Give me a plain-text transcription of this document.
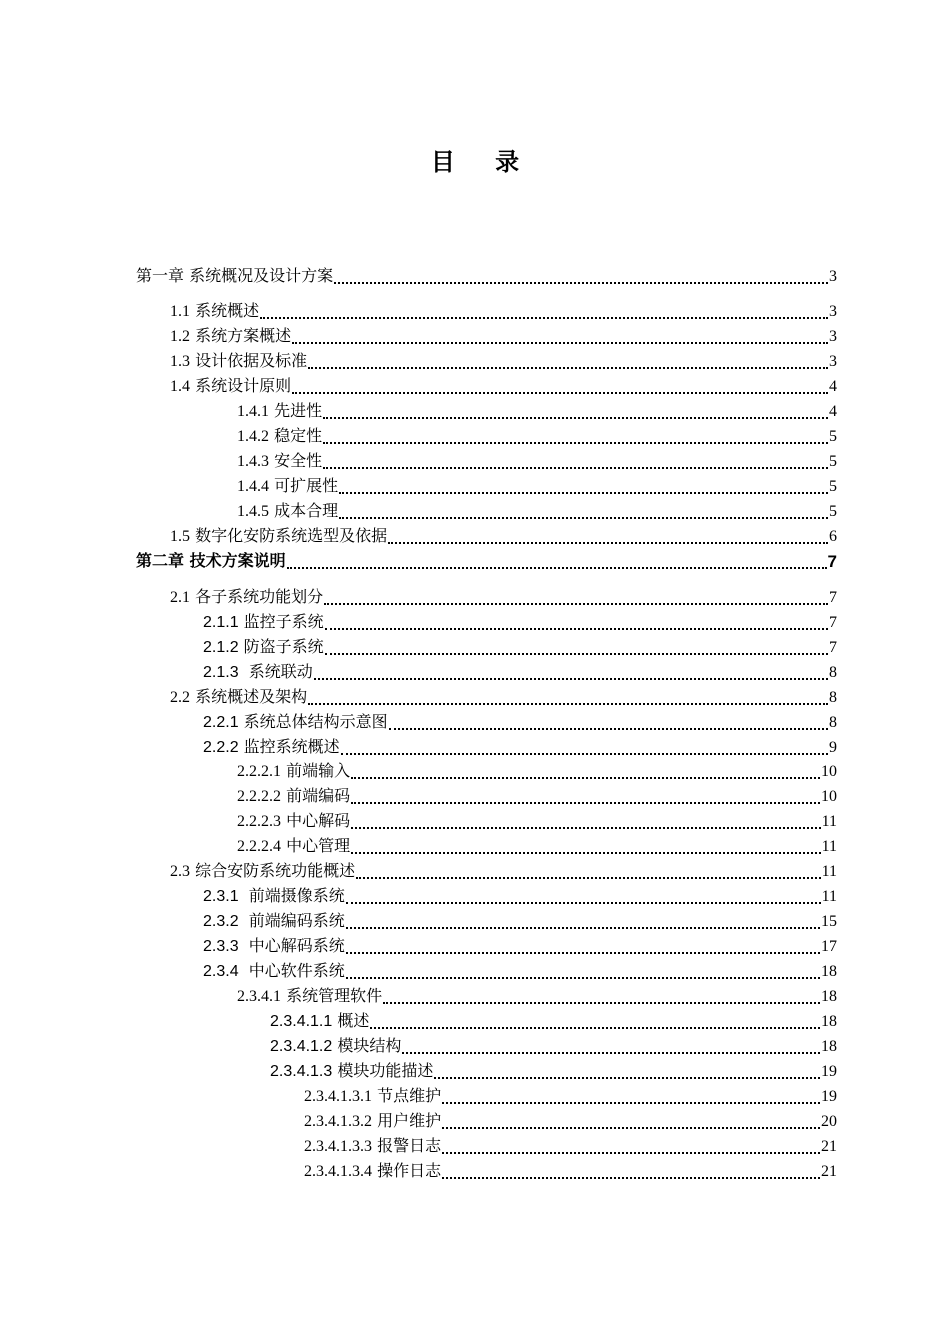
目 录
第一章 系统概况及设计方案	3
1.1 系统概述	3
1.2 系统方案概述	3
1.3 设计依据及标准	3
1.4 系统设计原则	4
1.4.1 先进性	4
1.4.2 稳定性	5
1.4.3 安全性	5
1.4.4 可扩展性	5
1.4.5 成本合理	5
1.5 数字化安防系统选型及依据	6
第二章 技术方案说明	7
2.1 各子系统功能划分	7
2.1.1 监控子系统	7
2.1.2 防盗子系统	7
2.1.3  系统联动	8
2.2 系统概述及架构	8
2.2.1 系统总体结构示意图	8
2.2.2 监控系统概述	9
2.2.2.1 前端输入	10
2.2.2.2 前端编码	10
2.2.2.3 中心解码	11
2.2.2.4 中心管理	11
2.3 综合安防系统功能概述	11
2.3.1  前端摄像系统	11
2.3.2  前端编码系统	15
2.3.3  中心解码系统	17
2.3.4  中心软件系统	18
2.3.4.1 系统管理软件	18
2.3.4.1.1 概述	18
2.3.4.1.2 模块结构	18
2.3.4.1.3 模块功能描述	19
2.3.4.1.3.1 节点维护	19
2.3.4.1.3.2 用户维护	20
2.3.4.1.3.3 报警日志	21
2.3.4.1.3.4 操作日志	21
